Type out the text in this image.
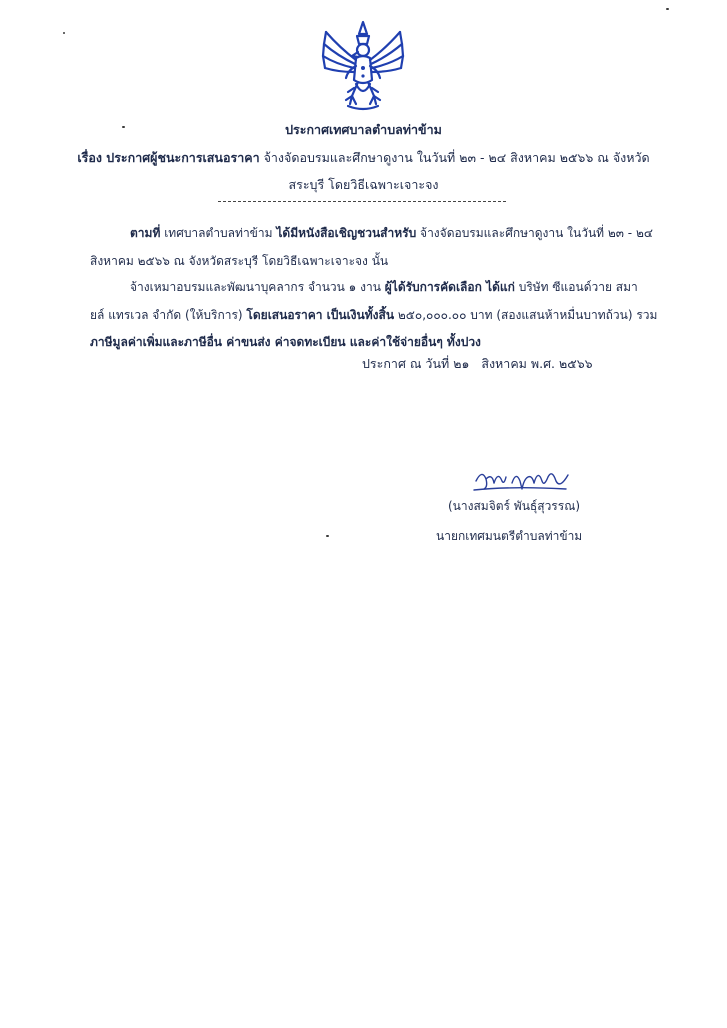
ประกาศเทศบาลตำบลท่าข้าม
เรื่อง ประกาศผู้ชนะการเสนอราคา จ้างจัดอบรมและศึกษาดูงาน ในวันที่ ๒๓ - ๒๔ สิงหาคม ๒๕๖๖ ณ จังหวัด
สระบุรี โดยวิธีเฉพาะเจาะจง
ตามที่ เทศบาลตำบลท่าข้าม ได้มีหนังสือเชิญชวนสำหรับ จ้างจัดอบรมและศึกษาดูงาน ในวันที่ ๒๓ - ๒๔
สิงหาคม ๒๕๖๖ ณ จังหวัดสระบุรี โดยวิธีเฉพาะเจาะจง นั้น
จ้างเหมาอบรมและพัฒนาบุคลากร จำนวน ๑ งาน ผู้ได้รับการคัดเลือก ได้แก่ บริษัท ซีแอนด์วาย สมา
ยล์ แทรเวล จำกัด (ให้บริการ) โดยเสนอราคา เป็นเงินทั้งสิ้น ๒๕๐,๐๐๐.๐๐ บาท (สองแสนห้าหมื่นบาทถ้วน) รวม
ภาษีมูลค่าเพิ่มและภาษีอื่น ค่าขนส่ง ค่าจดทะเบียน และค่าใช้จ่ายอื่นๆ ทั้งปวง
ประกาศ ณ วันที่ ๒๑ สิงหาคม พ.ศ. ๒๕๖๖
(นางสมจิตร์ พันธุ์สุวรรณ)
นายกเทศมนตรีตำบลท่าข้าม
